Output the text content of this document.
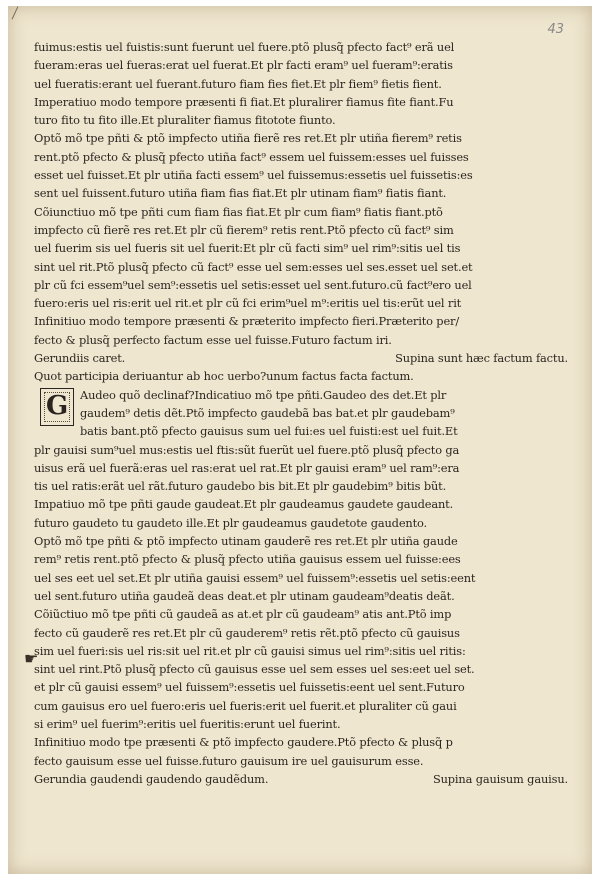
43
fuimus:estis uel fuistis:sunt fuerunt uel fuere.ptõ plusq̃ pfecto fact⁹ erã uel
fueram:eras uel fueras:erat uel fuerat.Et plr facti eram⁹ uel fueram⁹:eratis
uel fueratis:erant uel fuerant.futuro fiam fies fiet.Et plr fiem⁹ fietis fient.
Imperatiuo modo tempore præsenti fi fiat.Et pluralirer fiamus fite fiant.Fu
turo fito tu fito ille.Et pluraliter fiamus fitotote fiunto.
Optõ mõ tpe pñti & ptõ impfecto utiña fierẽ res ret.Et plr utiña fierem⁹ retis
rent.ptõ pfecto & plusq̃ pfecto utiña fact⁹ essem uel fuissem:esses uel fuisses
esset uel fuisset.Et plr utiña facti essem⁹ uel fuissemus:essetis uel fuissetis:es
sent uel fuissent.futuro utiña fiam fias fiat.Et plr utinam fiam⁹ fiatis fiant.
Cõiunctiuo mõ tpe pñti cum fiam fias fiat.Et plr cum fiam⁹ fiatis fiant.ptõ
impfecto cũ fierẽ res ret.Et plr cũ fierem⁹ retis rent.Ptõ pfecto cũ fact⁹ sim
uel fuerim sis uel fueris sit uel fuerit:Et plr cũ facti sim⁹ uel rim⁹:sitis uel tis
sint uel rit.Ptõ plusq̃ pfecto cũ fact⁹ esse uel sem:esses uel ses.esset uel set.et
plr cũ fci essem⁹uel sem⁹:essetis uel setis:esset uel sent.futuro.cũ fact⁹ero uel
fuero:eris uel ris:erit uel rit.et plr cũ fci erim⁹uel m⁹:eritis uel tis:erũt uel rit
Infinitiuo modo tempore præsenti & præterito impfecto fieri.Præterito per/
fecto & plusq̃ perfecto factum esse uel fuisse.Futuro factum iri.
Gerundiis caret.	Supina sunt hæc factum factu.
Quot participia deriuantur ab hoc uerbo?unum factus facta factum.
G	Audeo quõ declinaf?Indicatiuo mõ tpe pñti.Gaudeo des det.Et plr
gaudem⁹ detis dẽt.Ptõ impfecto gaudebã bas bat.et plr gaudebam⁹
batis bant.ptõ pfecto gauisus sum uel fui:es uel fuisti:est uel fuit.Et
plr gauisi sum⁹uel mus:estis uel ftis:sũt fuerũt uel fuere.ptõ plusq̃ pfecto ga
uisus erã uel fuerã:eras uel ras:erat uel rat.Et plr gauisi eram⁹ uel ram⁹:era
tis uel ratis:erãt uel rãt.futuro gaudebo bis bit.Et plr gaudebim⁹ bitis bũt.
Impatiuo mõ tpe pñti gaude gaudeat.Et plr gaudeamus gaudete gaudeant.
futuro gaudeto tu gaudeto ille.Et plr gaudeamus gaudetote gaudento.
Optõ mõ tpe pñti & ptõ impfecto utinam gauderẽ res ret.Et plr utiña gaude
rem⁹ retis rent.ptõ pfecto & plusq̃ pfecto utiña gauisus essem uel fuisse:ees
uel ses eet uel set.Et plr utiña gauisi essem⁹ uel fuissem⁹:essetis uel setis:eent
uel sent.futuro utiña gaudeã deas deat.et plr utinam gaudeam⁹deatis deãt.
Cõiũctiuo mõ tpe pñti cũ gaudeã as at.et plr cũ gaudeam⁹ atis ant.Ptõ imp
fecto cũ gauderẽ res ret.Et plr cũ gauderem⁹ retis rẽt.ptõ pfecto cũ gauisus
sim uel fueri:sis uel ris:sit uel rit.et plr cũ gauisi simus uel rim⁹:sitis uel ritis:
sint uel rint.Ptõ plusq̃ pfecto cũ gauisus esse uel sem esses uel ses:eet uel set.
et plr cũ gauisi essem⁹ uel fuissem⁹:essetis uel fuissetis:eent uel sent.Futuro
cum gauisus ero uel fuero:eris uel fueris:erit uel fuerit.et pluraliter cũ gaui
si erim⁹ uel fuerim⁹:eritis uel fueritis:erunt uel fuerint.
Infinitiuo modo tpe præsenti & ptõ impfecto gaudere.Ptõ pfecto & plusq̃ p
fecto gauisum esse uel fuisse.futuro gauisum ire uel gauisurum esse.
Gerundia gaudendi gaudendo gaudẽdum.	Supina gauisum gauisu.
☛
